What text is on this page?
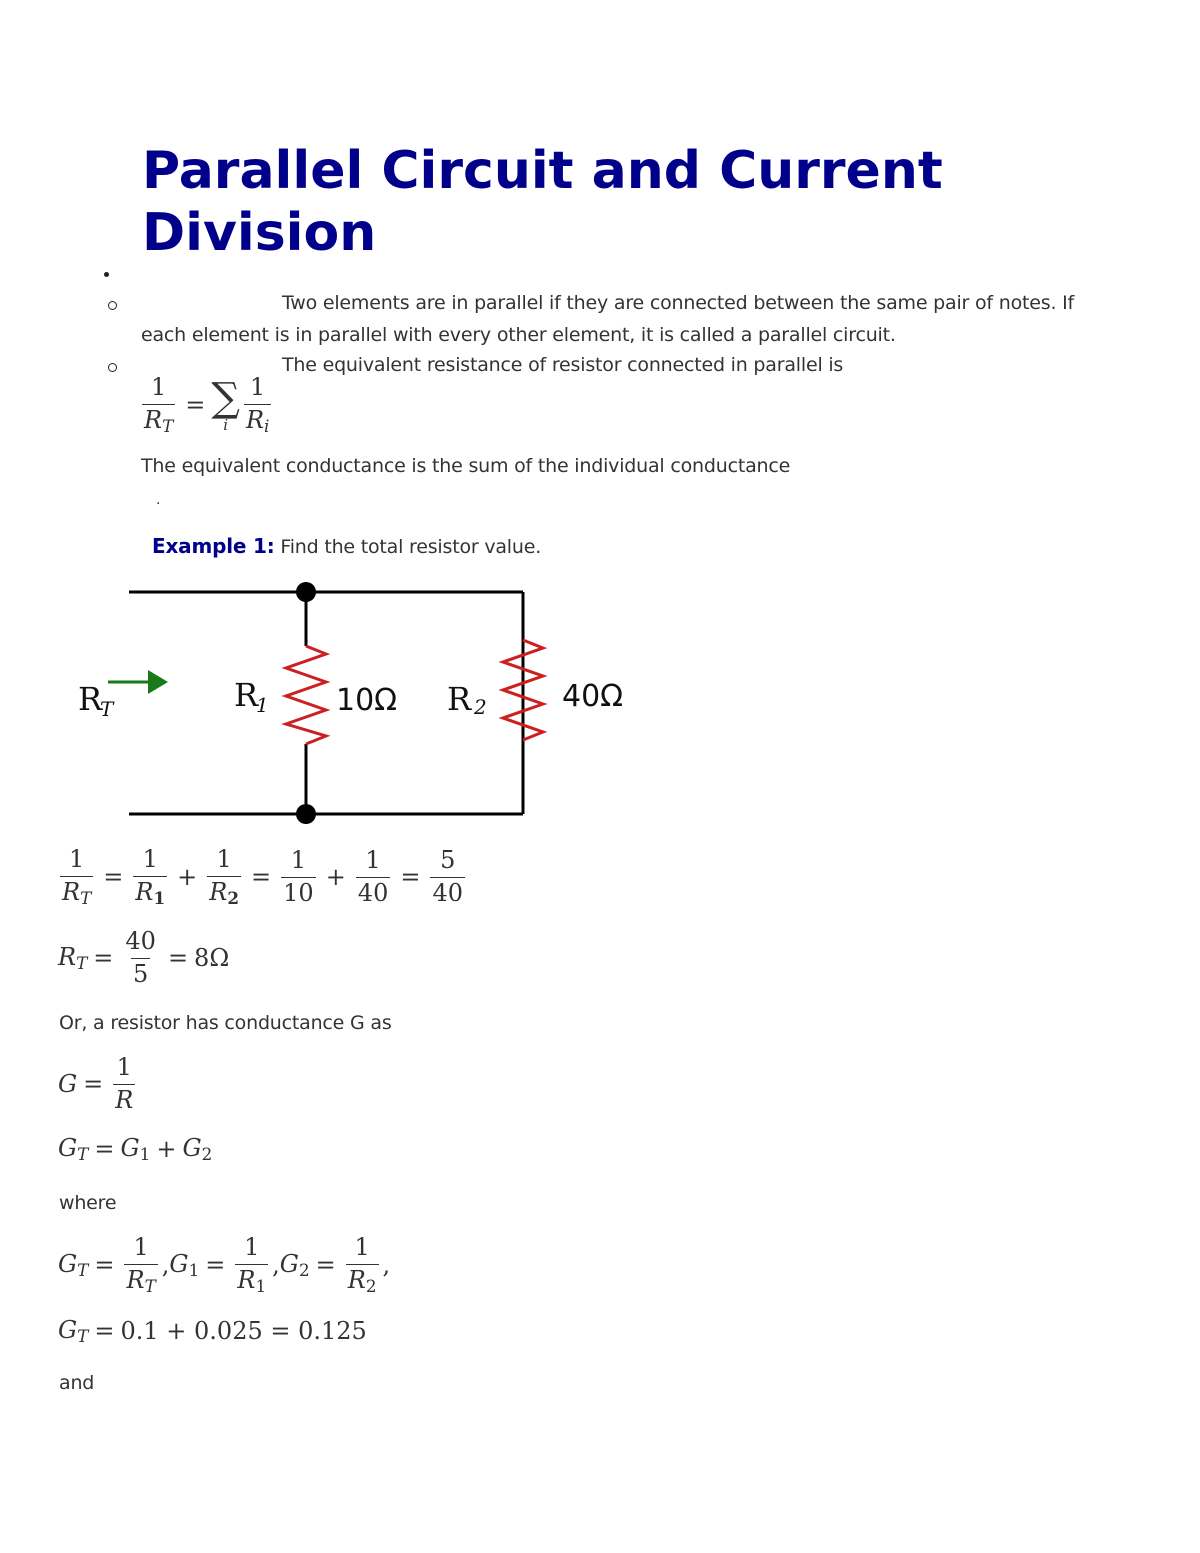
Parallel Circuit and Current Division
Two elements are in parallel if they are connected between the same pair of notes. If
each element is in parallel with every other element, it is called a parallel circuit.
The equivalent resistance of resistor connected in parallel is
$\frac{1}{R_T}$ = ∑
i $\frac{1}{R_i}$
The equivalent conductance is the sum of the individual conductance
.
Example 1: Find the total resistor value.
R
T	R
1	R 2
10Ω	40Ω
$\frac{1}{R_T} = \frac{1}{R_1} + \frac{1}{R_2} = \frac{1}{10} + \frac{1}{40} = \frac{5}{40}$
$R_T = \frac{40}{5} = 8\Omega$
Or, a resistor has conductance G as
$G = \frac{1}{R}$
$G_T = G_1 + G_2$
where
$G_T = \frac{1}{R_T}$ , $G_1 = \frac{1}{R_1}$ , $G_2 = \frac{1}{R_2}$ ,
$G_T = 0.1 + 0.025 = 0.125$
and
